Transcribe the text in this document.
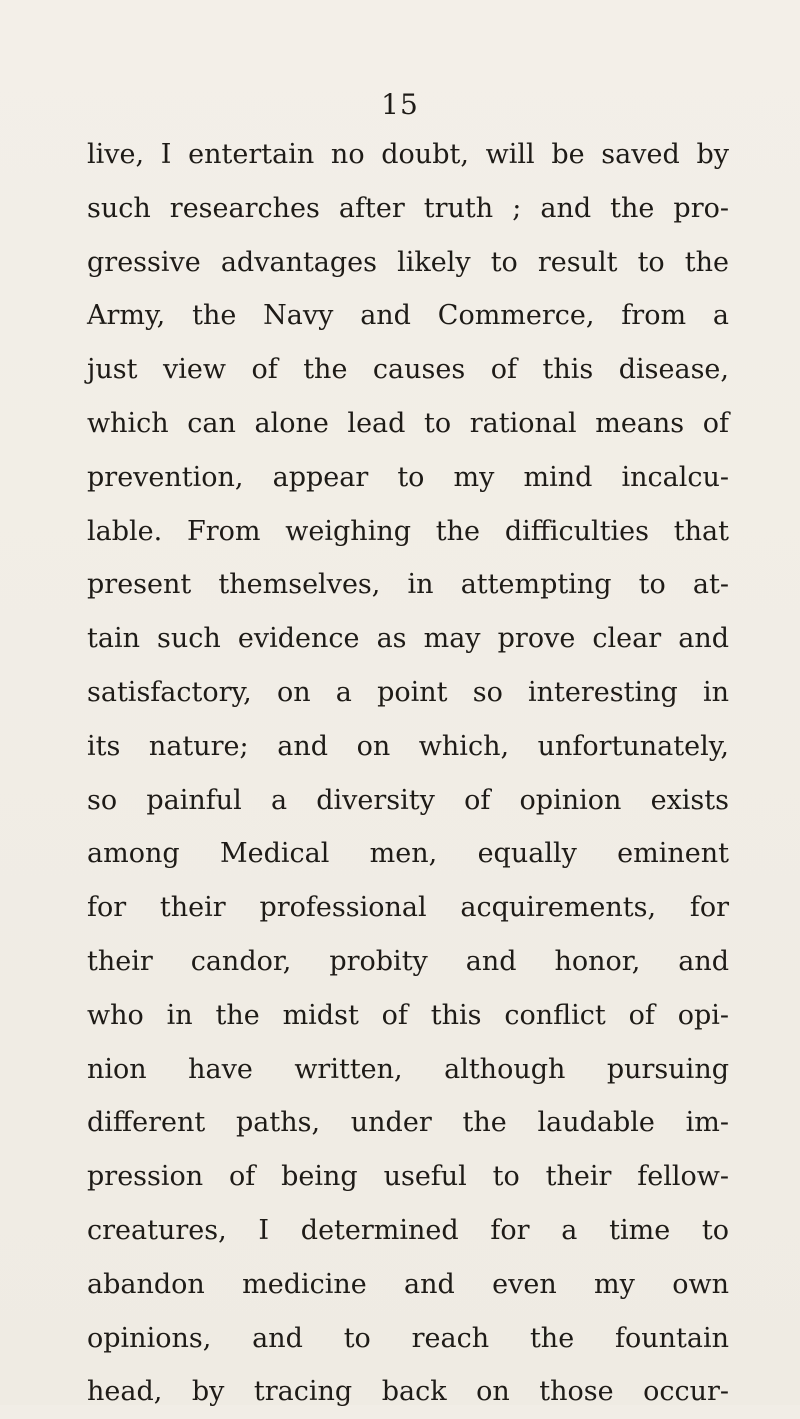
15
live, I entertain no doubt, will be saved by
such researches after truth ; and the pro-
gressive advantages likely to result to the
Army, the Navy and Commerce, from a
just view of the causes of this disease,
which can alone lead to rational means of
prevention, appear to my mind incalcu-
lable. From weighing the difficulties that
present themselves, in attempting to at-
tain such evidence as may prove clear and
satisfactory, on a point so interesting in
its nature; and on which, unfortunately,
so painful a diversity of opinion exists
among Medical men, equally eminent
for their professional acquirements, for
their candor, probity and honor, and
who in the midst of this conflict of opi-
nion have written, although pursuing
different paths, under the laudable im-
pression of being useful to their fellow-
creatures, I determined for a time to
abandon medicine and even my own
opinions, and to reach the fountain
head, by tracing back on those occur-
